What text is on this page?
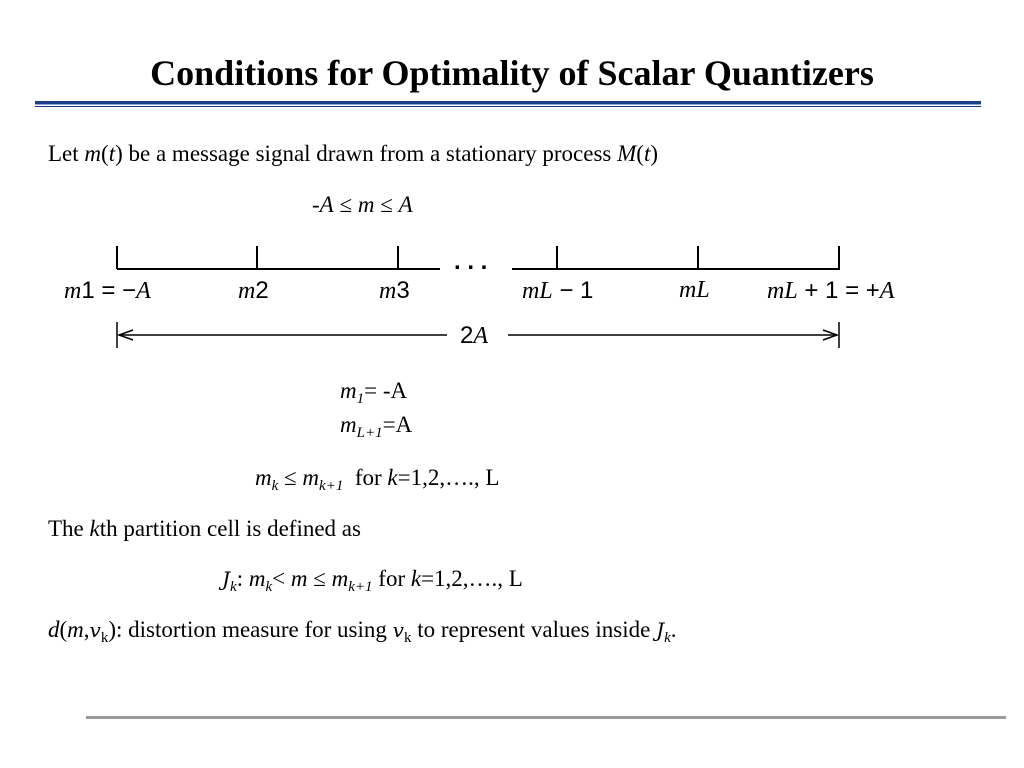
Conditions for Optimality of Scalar Quantizers
Let m(t) be a message signal drawn from a stationary process M(t)
-A ≤ m ≤ A
. . .
m1 = −A	m2	m3	mL − 1	mL mL + 1 = +A
2A
$m_1= -A$
$m_{L+1}=A$
$m_k \le m_{k+1}$ for k=1,2,…., L
The kth partition cell is defined as
$J_k$: $m_k< m \le m_{k+1}$ for k=1,2,…., L
$d(m,v_k)$: distortion measure for using $v_k$ to represent values inside $J_k$.
